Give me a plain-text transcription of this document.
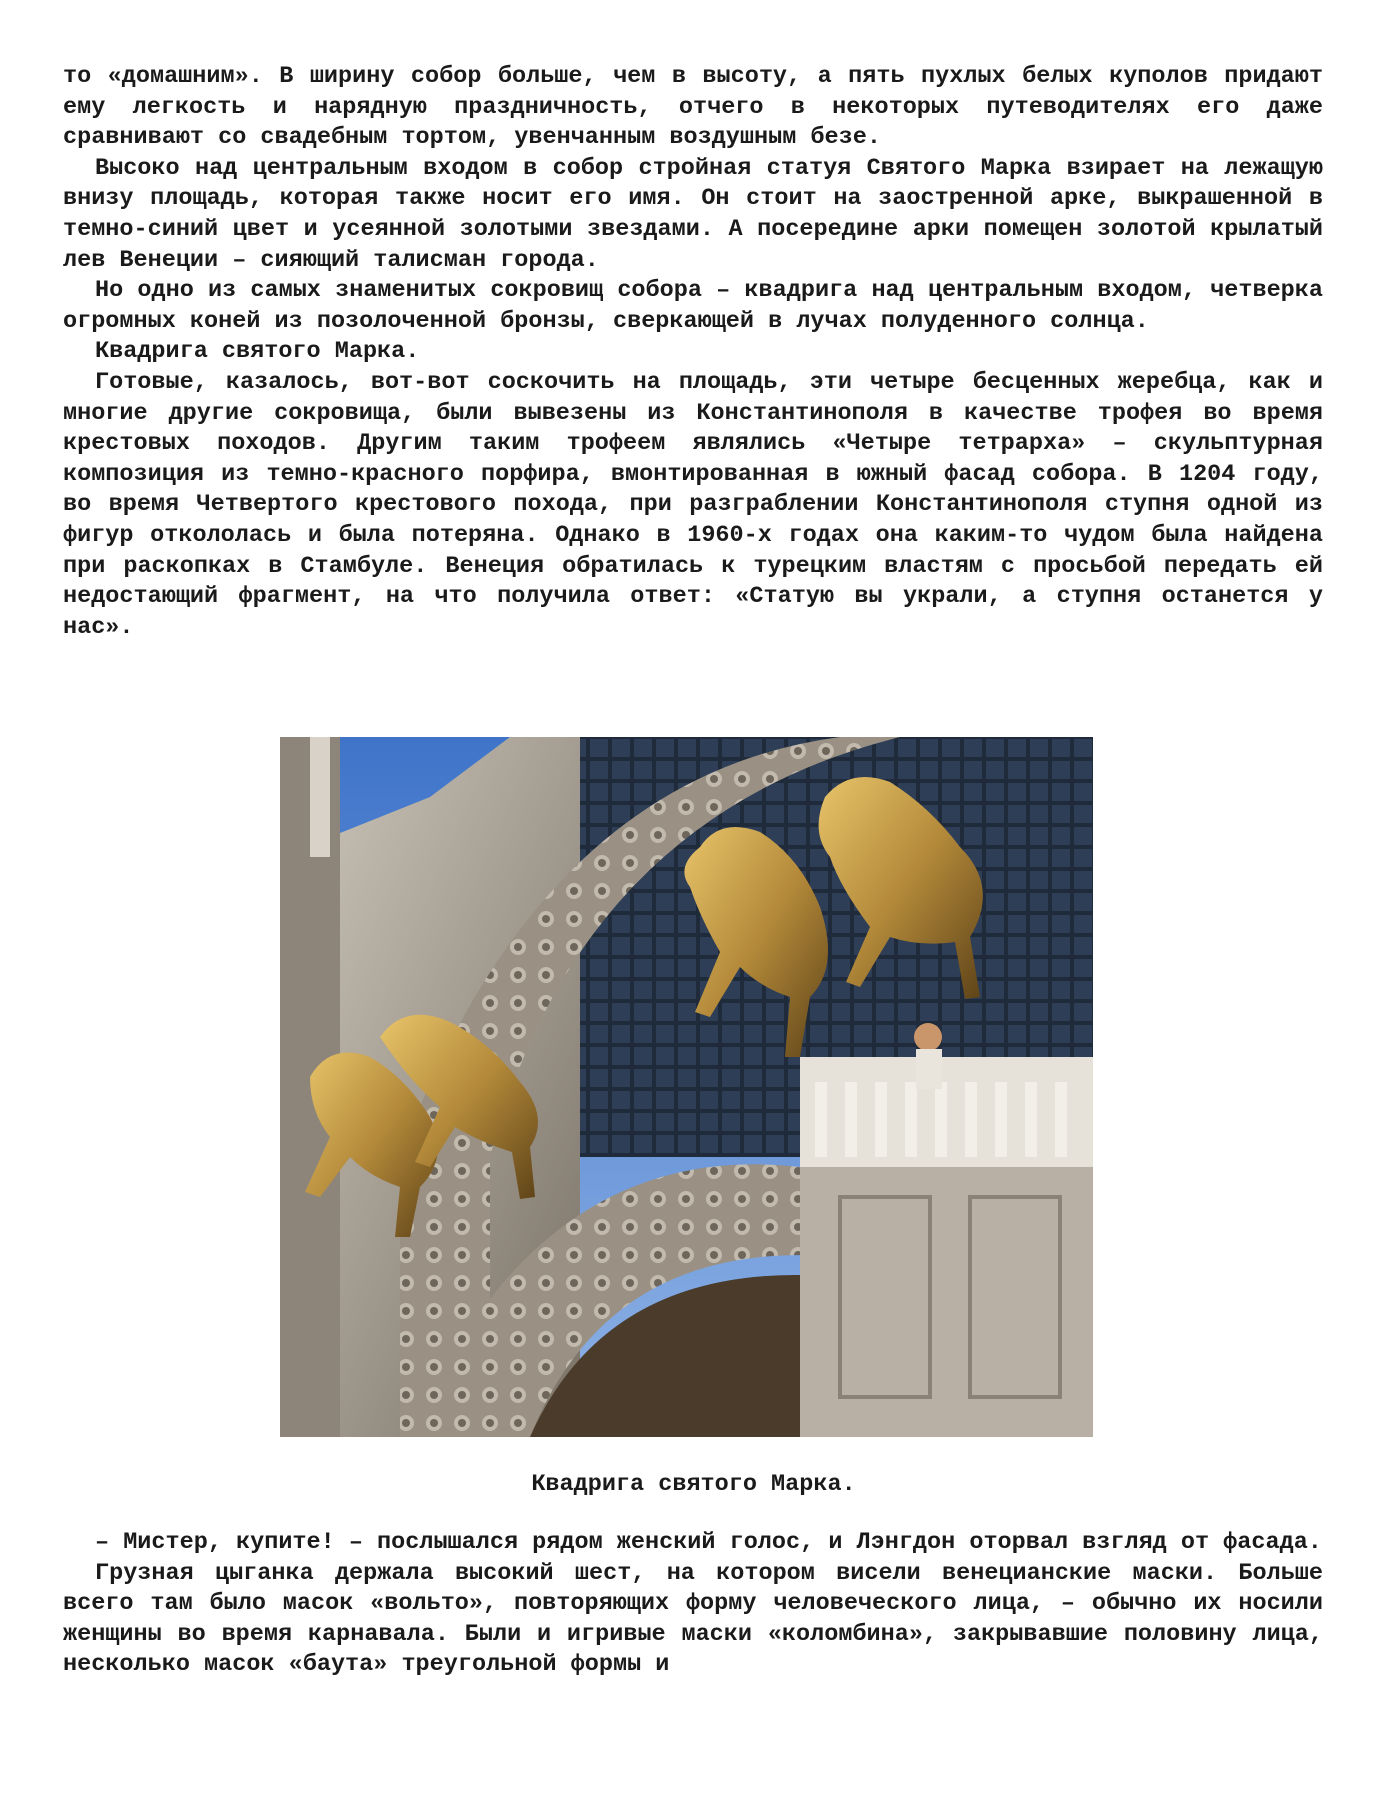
то «домашним». В ширину собор больше, чем в высоту, а пять пухлых белых куполов придают ему легкость и нарядную праздничность, отчего в некоторых путеводителях его даже сравнивают со свадебным тортом, увенчанным воздушным безе.

Высоко над центральным входом в собор стройная статуя Святого Марка взирает на лежащую внизу площадь, которая также носит его имя. Он стоит на заостренной арке, выкрашенной в темно-синий цвет и усеянной золотыми звездами. А посередине арки помещен золотой крылатый лев Венеции – сияющий талисман города.

Но одно из самых знаменитых сокровищ собора – квадрига над центральным входом, четверка огромных коней из позолоченной бронзы, сверкающей в лучах полуденного солнца.

Квадрига святого Марка.

Готовые, казалось, вот-вот соскочить на площадь, эти четыре бесценных жеребца, как и многие другие сокровища, были вывезены из Константинополя в качестве трофея во время крестовых походов. Другим таким трофеем являлись «Четыре тетрарха» – скульптурная композиция из темно-красного порфира, вмонтированная в южный фасад собора. В 1204 году, во время Четвертого крестового похода, при разграблении Константинополя ступня одной из фигур откололась и была потеряна. Однако в 1960-х годах она каким-то чудом была найдена при раскопках в Стамбуле. Венеция обратилась к турецким властям с просьбой передать ей недостающий фрагмент, на что получила ответ: «Статую вы украли, а ступня останется у нас».

Квадрига святого Марка.

– Мистер, купите! – послышался рядом женский голос, и Лэнгдон оторвал взгляд от фасада.

Грузная цыганка держала высокий шест, на котором висели венецианские маски. Больше всего там было масок «вольто», повторяющих форму человеческого лица, – обычно их носили женщины во время карнавала. Были и игривые маски «коломбина», закрывавшие половину лица, несколько масок «баута» треугольной формы и
